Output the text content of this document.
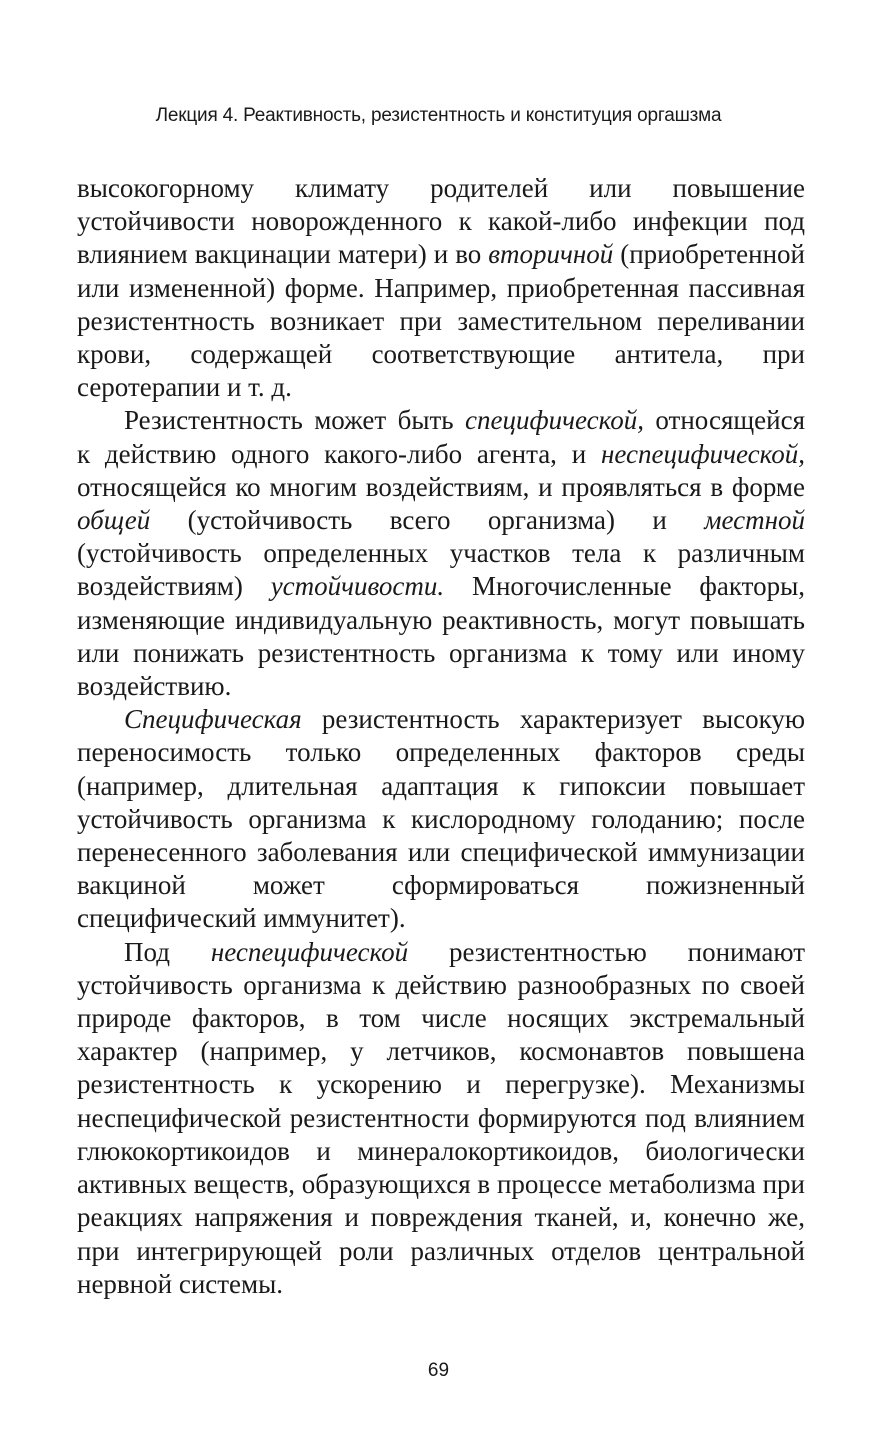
Лекция 4. Реактивность, резистентность и конституция оргашзма

высокогорному климату родителей или повышение устойчивости новорожденного к какой-либо инфекции под влиянием вакцинации матери) и во вторичной (приобретенной или измененной) форме. Например, приобретенная пассивная резистентность возникает при заместительном переливании крови, содержащей соответствующие антитела, при серотерапии и т. д.

Резистентность может быть специфической, относящейся к действию одного какого-либо агента, и неспецифической, относящейся ко многим воздействиям, и проявляться в форме общей (устойчивость всего организма) и местной (устойчивость определенных участков тела к различным воздействиям) устойчивости. Многочисленные факторы, изменяющие индивидуальную реактивность, могут повышать или понижать резистентность организма к тому или иному воздействию.

Специфическая резистентность характеризует высокую переносимость только определенных факторов среды (например, длительная адаптация к гипоксии повышает устойчивость организма к кислородному голоданию; после перенесенного заболевания или специфической иммунизации вакциной может сформироваться пожизненный специфический иммунитет).

Под неспецифической резистентностью понимают устойчивость организма к действию разнообразных по своей природе факторов, в том числе носящих экстремальный характер (например, у летчиков, космонавтов повышена резистентность к ускорению и перегрузке). Механизмы неспецифической резистентности формируются под влиянием глюкокортикоидов и минералокортикоидов, биологически активных веществ, образующихся в процессе метаболизма при реакциях напряжения и повреждения тканей, и, конечно же, при интегрирующей роли различных отделов центральной нервной системы.

69
